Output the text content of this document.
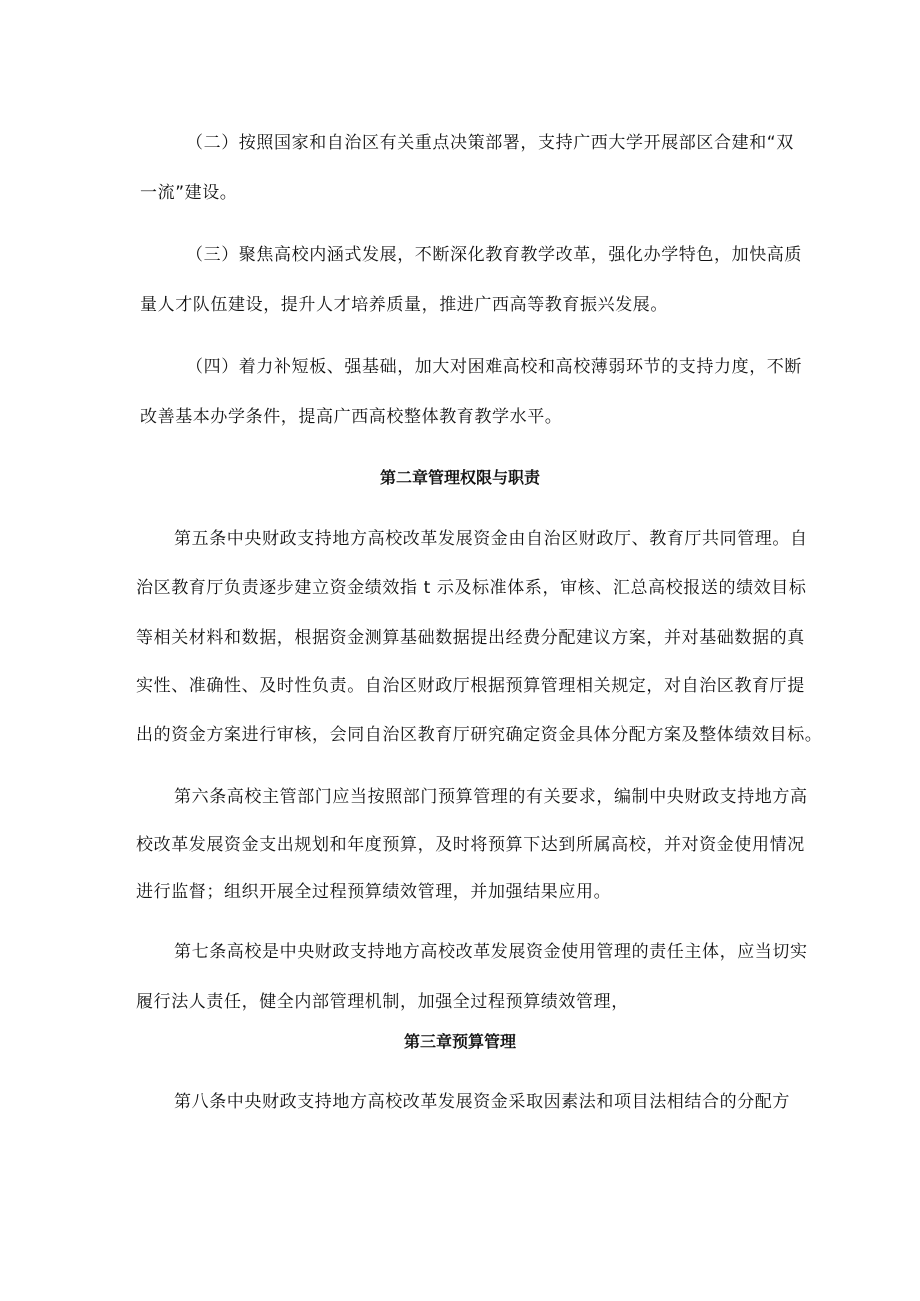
（二）按照国家和自治区有关重点决策部署，支持广西大学开展部区合建和“双
一流”建设。
（三）聚焦高校内涵式发展，不断深化教育教学改革，强化办学特色，加快高质
量人才队伍建设，提升人才培养质量，推进广西高等教育振兴发展。
（四）着力补短板、强基础，加大对困难高校和高校薄弱环节的支持力度，不断
改善基本办学条件，提高广西高校整体教育教学水平。
第二章管理权限与职责
第五条中央财政支持地方高校改革发展资金由自治区财政厅、教育厅共同管理。自
治区教育厅负责逐步建立资金绩效指 t 示及标准体系，审核、汇总高校报送的绩效目标
等相关材料和数据，根据资金测算基础数据提出经费分配建议方案，并对基础数据的真
实性、准确性、及时性负责。自治区财政厅根据预算管理相关规定，对自治区教育厅提
出的资金方案进行审核，会同自治区教育厅研究确定资金具体分配方案及整体绩效目标。
第六条高校主管部门应当按照部门预算管理的有关要求，编制中央财政支持地方高
校改革发展资金支出规划和年度预算，及时将预算下达到所属高校，并对资金使用情况
进行监督；组织开展全过程预算绩效管理，并加强结果应用。
第七条高校是中央财政支持地方高校改革发展资金使用管理的责任主体，应当切实
履行法人责任，健全内部管理机制，加强全过程预算绩效管理，
第三章预算管理
第八条中央财政支持地方高校改革发展资金采取因素法和项目法相结合的分配方
